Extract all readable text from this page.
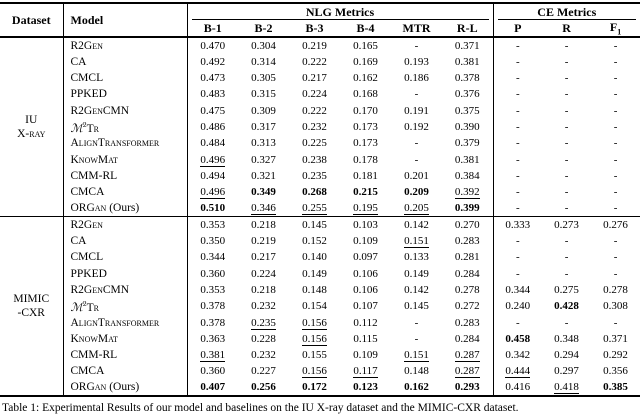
Dataset	Model	NLG Metrics						CE Metrics		
		B-1	B-2	B-3	B-4	MTR	R-L	P	R	$F_1$

IU
X-ray	R2Gen	0.470	0.304	0.219	0.165	-	0.371	-	-	-
	CA	0.492	0.314	0.222	0.169	0.193	0.381	-	-	-
	CMCL	0.473	0.305	0.217	0.162	0.186	0.378	-	-	-
	PPKED	0.483	0.315	0.224	0.168	-	0.376	-	-	-
	R2GenCMN	0.475	0.309	0.222	0.170	0.191	0.375	-	-	-
	ℳ$^2$Tr	0.486	0.317	0.232	0.173	0.192	0.390	-	-	-
	AlignTransformer	0.484	0.313	0.225	0.173	-	0.379	-	-	-
	KnowMat	0.496	0.327	0.238	0.178	-	0.381	-	-	-
	CMM-RL	0.494	0.321	0.235	0.181	0.201	0.384	-	-	-
	CMCA	0.496	0.349	0.268	0.215	0.209	0.392	-	-	-
	ORGan (Ours)	0.510	0.346	0.255	0.195	0.205	0.399	-	-	-

MIMIC
-CXR	R2Gen	0.353	0.218	0.145	0.103	0.142	0.270	0.333	0.273	0.276
	CA	0.350	0.219	0.152	0.109	0.151	0.283	-	-	-
	CMCL	0.344	0.217	0.140	0.097	0.133	0.281	-	-	-
	PPKED	0.360	0.224	0.149	0.106	0.149	0.284	-	-	-
	R2GenCMN	0.353	0.218	0.148	0.106	0.142	0.278	0.344	0.275	0.278
	ℳ$^2$Tr	0.378	0.232	0.154	0.107	0.145	0.272	0.240	0.428	0.308
	AlignTransformer	0.378	0.235	0.156	0.112	-	0.283	-	-	-
	KnowMat	0.363	0.228	0.156	0.115	-	0.284	0.458	0.348	0.371
	CMM-RL	0.381	0.232	0.155	0.109	0.151	0.287	0.342	0.294	0.292
	CMCA	0.360	0.227	0.156	0.117	0.148	0.287	0.444	0.297	0.356
	ORGan (Ours)	0.407	0.256	0.172	0.123	0.162	0.293	0.416	0.418	0.385
Table 1: Experimental Results of our model and baselines on the IU X-ray dataset and the MIMIC-CXR dataset.
